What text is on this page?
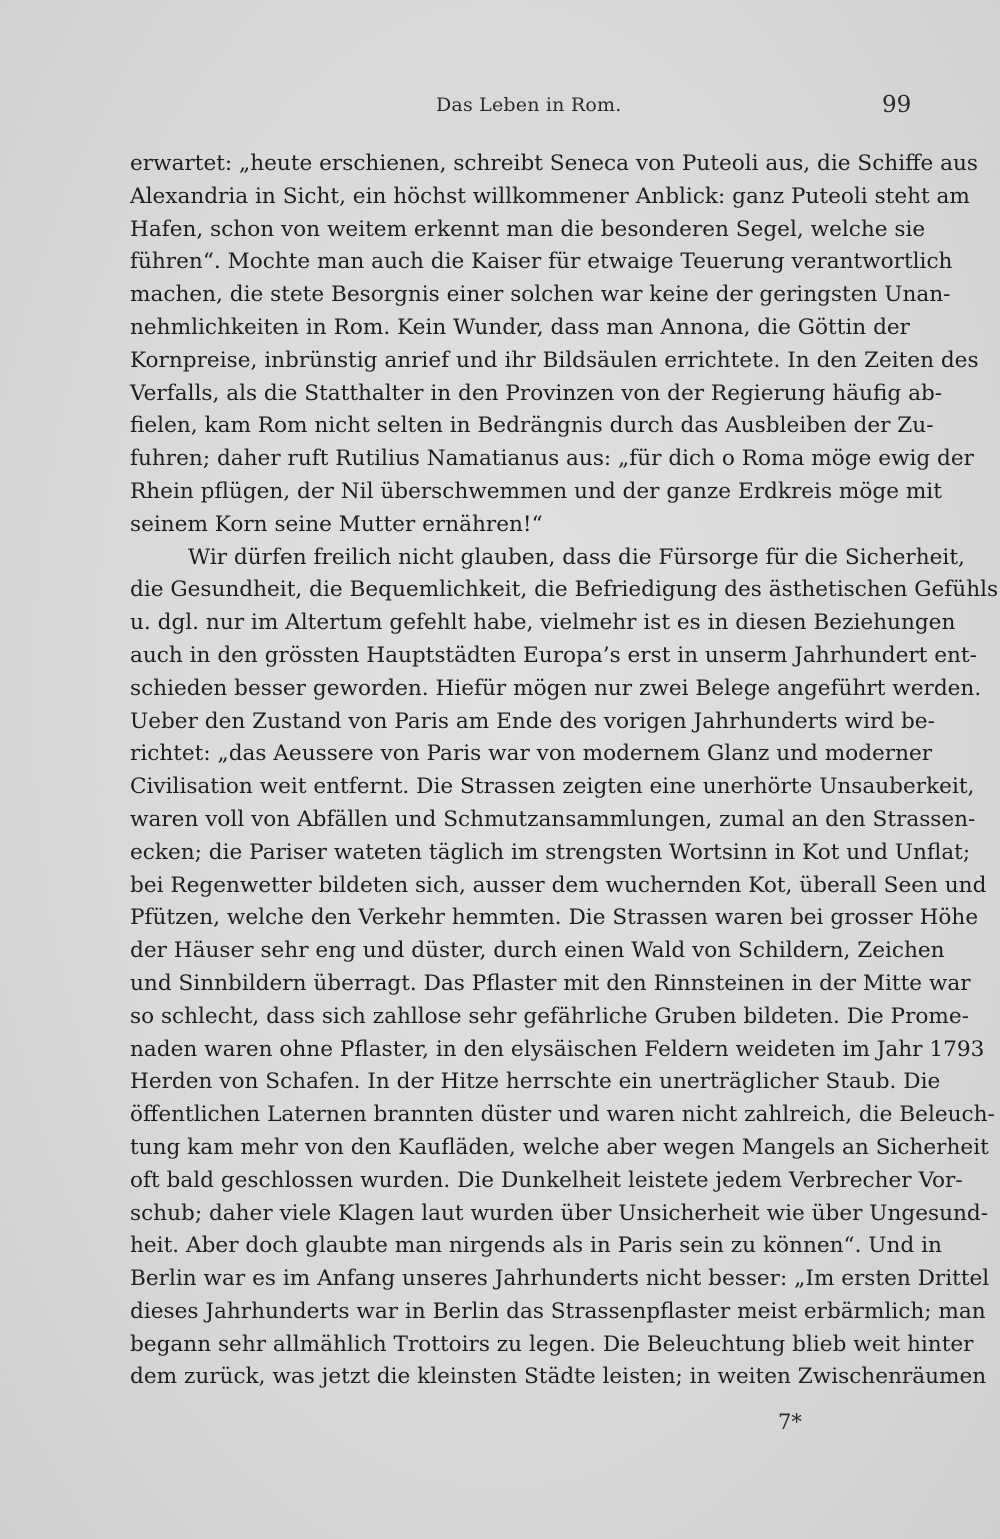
Das Leben in Rom.	99
erwartet: „heute erschienen, schreibt Seneca von Puteoli aus, die Schiffe aus
Alexandria in Sicht, ein höchst willkommener Anblick: ganz Puteoli steht am
Hafen, schon von weitem erkennt man die besonderen Segel, welche sie
führen“. Mochte man auch die Kaiser für etwaige Teuerung verantwortlich
machen, die stete Besorgnis einer solchen war keine der geringsten Unan-
nehmlichkeiten in Rom. Kein Wunder, dass man Annona, die Göttin der
Kornpreise, inbrünstig anrief und ihr Bildsäulen errichtete. In den Zeiten des
Verfalls, als die Statthalter in den Provinzen von der Regierung häufig ab-
fielen, kam Rom nicht selten in Bedrängnis durch das Ausbleiben der Zu-
fuhren; daher ruft Rutilius Namatianus aus: „für dich o Roma möge ewig der
Rhein pflügen, der Nil überschwemmen und der ganze Erdkreis möge mit
seinem Korn seine Mutter ernähren!“
Wir dürfen freilich nicht glauben, dass die Fürsorge für die Sicherheit,
die Gesundheit, die Bequemlichkeit, die Befriedigung des ästhetischen Gefühls
u. dgl. nur im Altertum gefehlt habe, vielmehr ist es in diesen Beziehungen
auch in den grössten Hauptstädten Europa’s erst in unserm Jahrhundert ent-
schieden besser geworden. Hiefür mögen nur zwei Belege angeführt werden.
Ueber den Zustand von Paris am Ende des vorigen Jahrhunderts wird be-
richtet: „das Aeussere von Paris war von modernem Glanz und moderner
Civilisation weit entfernt. Die Strassen zeigten eine unerhörte Unsauberkeit,
waren voll von Abfällen und Schmutzansammlungen, zumal an den Strassen-
ecken; die Pariser wateten täglich im strengsten Wortsinn in Kot und Unflat;
bei Regenwetter bildeten sich, ausser dem wuchernden Kot, überall Seen und
Pfützen, welche den Verkehr hemmten. Die Strassen waren bei grosser Höhe
der Häuser sehr eng und düster, durch einen Wald von Schildern, Zeichen
und Sinnbildern überragt. Das Pflaster mit den Rinnsteinen in der Mitte war
so schlecht, dass sich zahllose sehr gefährliche Gruben bildeten. Die Prome-
naden waren ohne Pflaster, in den elysäischen Feldern weideten im Jahr 1793
Herden von Schafen. In der Hitze herrschte ein unerträglicher Staub. Die
öffentlichen Laternen brannten düster und waren nicht zahlreich, die Beleuch-
tung kam mehr von den Kaufläden, welche aber wegen Mangels an Sicherheit
oft bald geschlossen wurden. Die Dunkelheit leistete jedem Verbrecher Vor-
schub; daher viele Klagen laut wurden über Unsicherheit wie über Ungesund-
heit. Aber doch glaubte man nirgends als in Paris sein zu können“. Und in
Berlin war es im Anfang unseres Jahrhunderts nicht besser: „Im ersten Drittel
dieses Jahrhunderts war in Berlin das Strassenpflaster meist erbärmlich; man
begann sehr allmählich Trottoirs zu legen. Die Beleuchtung blieb weit hinter
dem zurück, was jetzt die kleinsten Städte leisten; in weiten Zwischenräumen
7*
